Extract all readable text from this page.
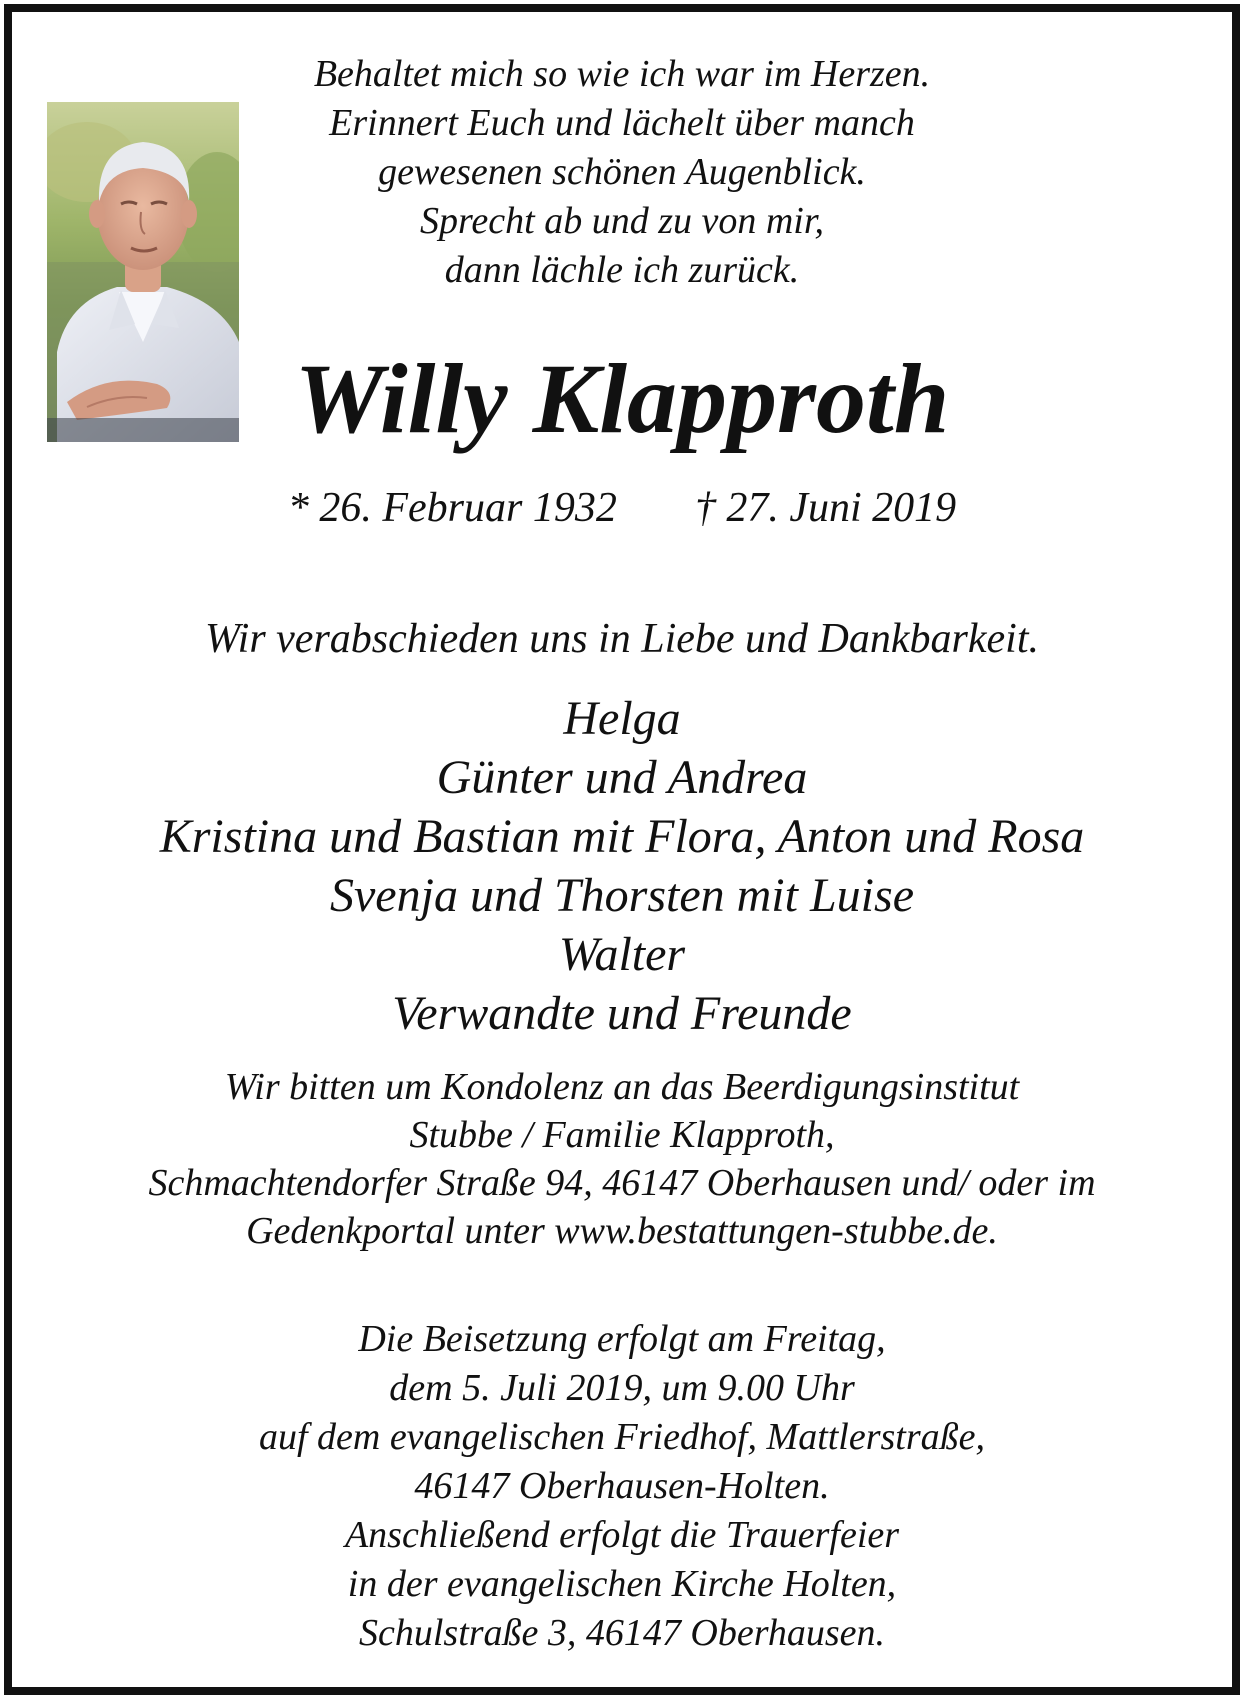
Behaltet mich so wie ich war im Herzen.
Erinnert Euch und lächelt über manch
gewesenen schönen Augenblick.
Sprecht ab und zu von mir,
dann lächle ich zurück.
Willy Klapproth
* 26. Februar 1932 † 27. Juni 2019
Wir verabschieden uns in Liebe und Dankbarkeit.
Helga
Günter und Andrea
Kristina und Bastian mit Flora, Anton und Rosa
Svenja und Thorsten mit Luise
Walter
Verwandte und Freunde
Wir bitten um Kondolenz an das Beerdigungsinstitut
Stubbe / Familie Klapproth,
Schmachtendorfer Straße 94, 46147 Oberhausen und/ oder im
Gedenkportal unter www.bestattungen-stubbe.de.
Die Beisetzung erfolgt am Freitag,
dem 5. Juli 2019, um 9.00 Uhr
auf dem evangelischen Friedhof, Mattlerstraße,
46147 Oberhausen-Holten.
Anschließend erfolgt die Trauerfeier
in der evangelischen Kirche Holten,
Schulstraße 3, 46147 Oberhausen.
